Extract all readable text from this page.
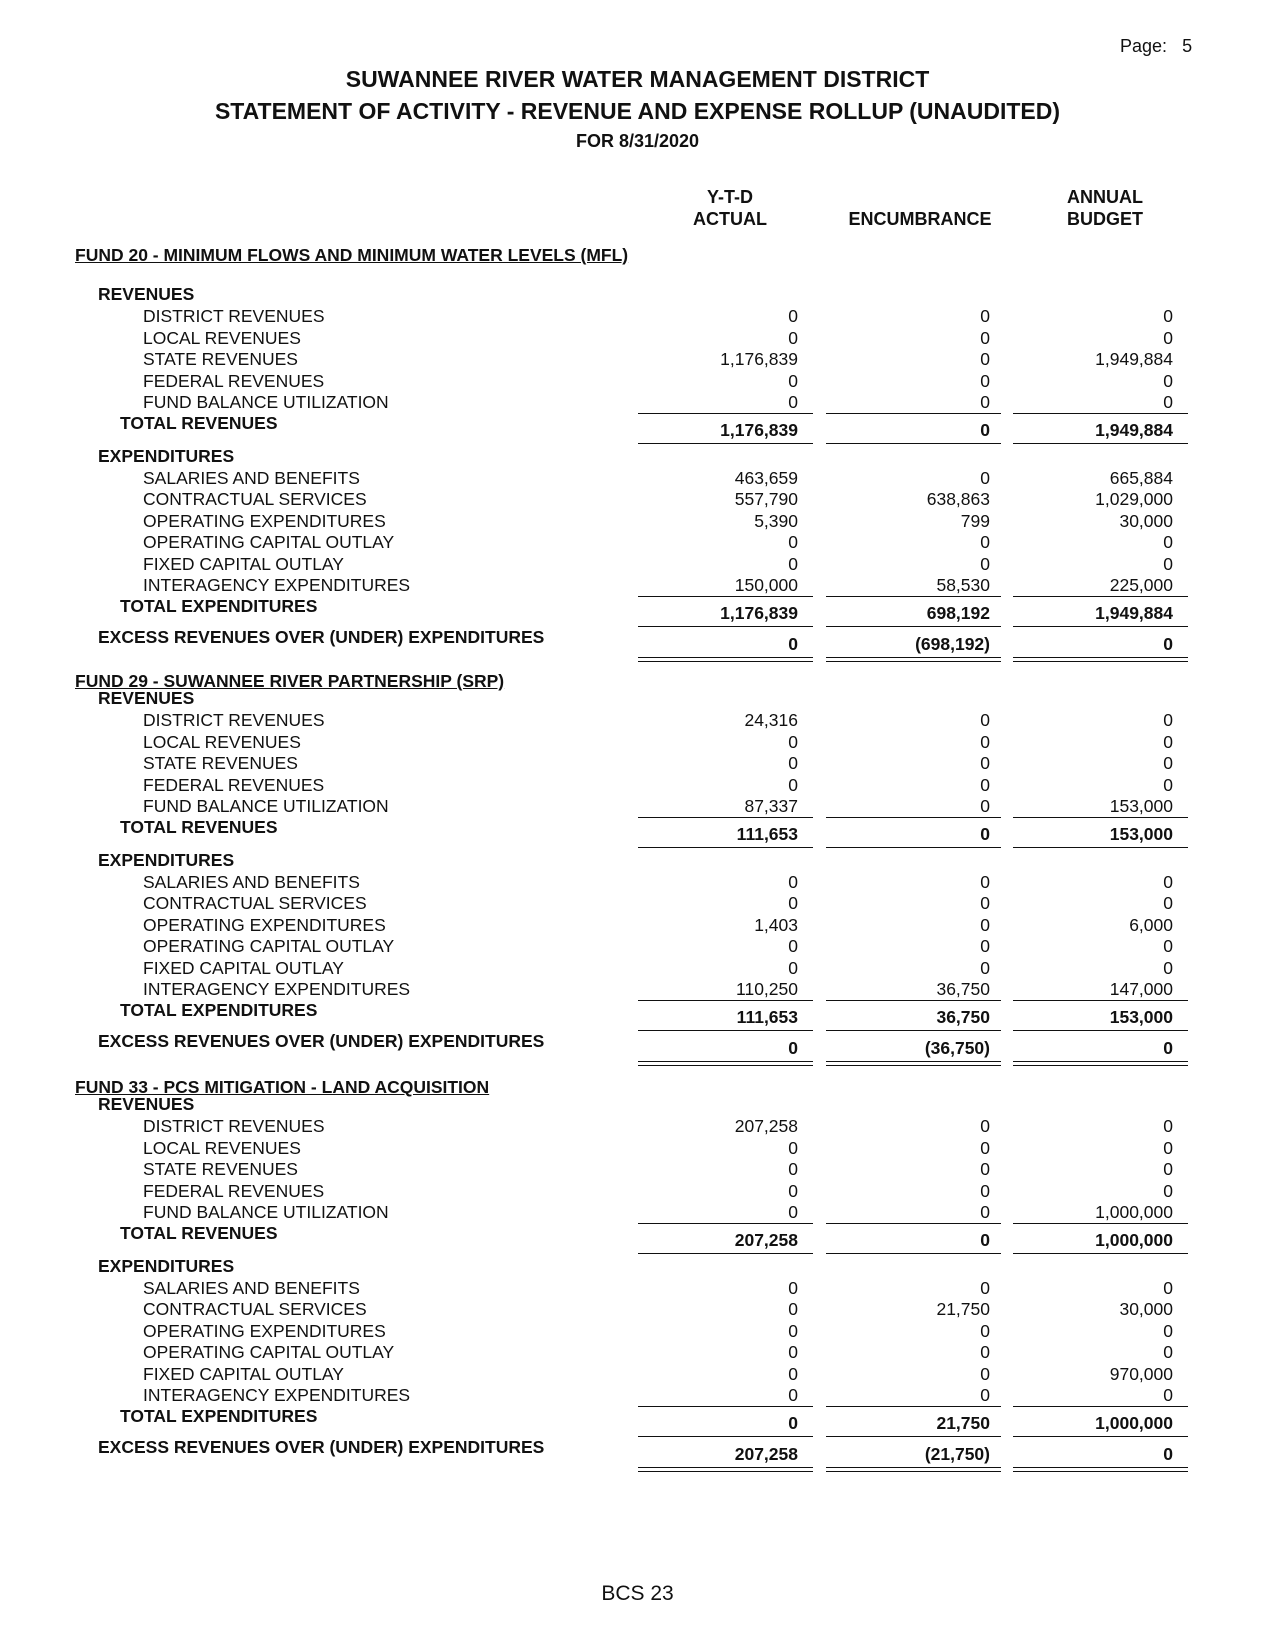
Page: 5
SUWANNEE RIVER WATER MANAGEMENT DISTRICT
STATEMENT OF ACTIVITY - REVENUE AND EXPENSE ROLLUP (UNAUDITED)
FOR 8/31/2020
Y-T-D
ACTUAL	ENCUMBRANCE
ANNUAL
BUDGET
FUND 20 - MINIMUM FLOWS AND MINIMUM WATER LEVELS (MFL)
REVENUES
DISTRICT REVENUES	0	0	0
LOCAL REVENUES	0	0	0
STATE REVENUES	1,176,839	0	1,949,884
FEDERAL REVENUES	0	0	0
FUND BALANCE UTILIZATION	0	0	0
TOTAL REVENUES	1,176,839	0	1,949,884
EXPENDITURES
SALARIES AND BENEFITS	463,659	0	665,884
CONTRACTUAL SERVICES	557,790	638,863	1,029,000
OPERATING EXPENDITURES	5,390	799	30,000
OPERATING CAPITAL OUTLAY	0	0	0
FIXED CAPITAL OUTLAY	0	0	0
INTERAGENCY EXPENDITURES	150,000	58,530	225,000
TOTAL EXPENDITURES	1,176,839	698,192	1,949,884
EXCESS REVENUES OVER (UNDER) EXPENDITURES	0	(698,192)	0
FUND 29 - SUWANNEE RIVER PARTNERSHIP (SRP)
REVENUES
DISTRICT REVENUES	24,316	0	0
LOCAL REVENUES	0	0	0
STATE REVENUES	0	0	0
FEDERAL REVENUES	0	0	0
FUND BALANCE UTILIZATION	87,337	0	153,000
TOTAL REVENUES	111,653	0	153,000
EXPENDITURES
SALARIES AND BENEFITS	0	0	0
CONTRACTUAL SERVICES	0	0	0
OPERATING EXPENDITURES	1,403	0	6,000
OPERATING CAPITAL OUTLAY	0	0	0
FIXED CAPITAL OUTLAY	0	0	0
INTERAGENCY EXPENDITURES	110,250	36,750	147,000
TOTAL EXPENDITURES	111,653	36,750	153,000
EXCESS REVENUES OVER (UNDER) EXPENDITURES	0	(36,750)	0
FUND 33 - PCS MITIGATION - LAND ACQUISITION
REVENUES
DISTRICT REVENUES	207,258	0	0
LOCAL REVENUES	0	0	0
STATE REVENUES	0	0	0
FEDERAL REVENUES	0	0	0
FUND BALANCE UTILIZATION	0	0	1,000,000
TOTAL REVENUES	207,258	0	1,000,000
EXPENDITURES
SALARIES AND BENEFITS	0	0	0
CONTRACTUAL SERVICES	0	21,750	30,000
OPERATING EXPENDITURES	0	0	0
OPERATING CAPITAL OUTLAY	0	0	0
FIXED CAPITAL OUTLAY	0	0	970,000
INTERAGENCY EXPENDITURES	0	0	0
TOTAL EXPENDITURES	0	21,750	1,000,000
EXCESS REVENUES OVER (UNDER) EXPENDITURES	207,258	(21,750)	0
BCS 23
